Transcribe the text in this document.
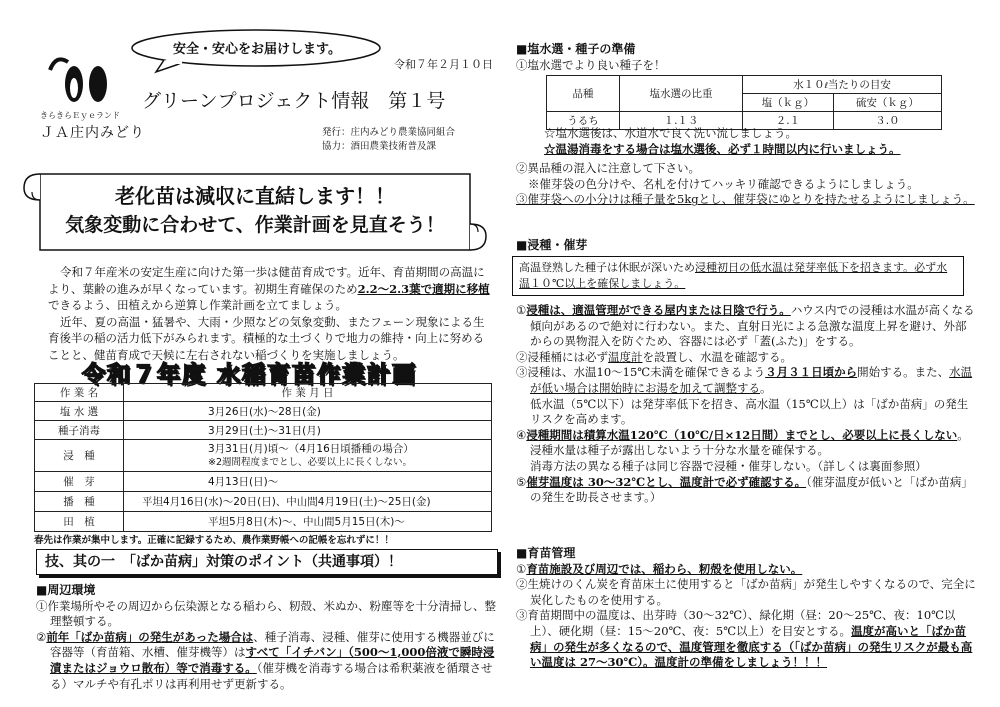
きらきらＥｙｅランド
ＪＡ庄内みどり
安全・安心をお届けします。
令和７年２月１０日
グリーンプロジェクト情報　第１号
発行：庄内みどり農業協同組合
協力：酒田農業技術普及課
老化苗は減収に直結します！！
気象変動に合わせて、作業計画を見直そう！

令和７年産米の安定生産に向けた第一歩は健苗育成です。近年、育苗期間の高温により、葉齢の進みが早くなっています。初期生育確保のため2.2〜2.3葉で適期に移植できるよう、田植えから逆算し作業計画を立てましょう。

近年、夏の高温・猛暑や、大雨・少照などの気象変動、またフェーン現象による生育後半の稲の活力低下がみられます。積極的な土づくりで地力の維持・向上に努めることと、健苗育成で天候に左右されない稲づくりを実施しましょう。

令和７年度 水稲育苗作業計画
作 業 名	作 業 月 日
塩 水 選	3月26日(水)〜28日(金)
種子消毒	3月29日(土)〜31日(月)
浸　種	3月31日(月)頃〜（4月16日頃播種の場合）
※2週間程度までとし、必要以上に長くしない。

催　芽	4月13日(日)〜
播　種	平坦4月16日(水)〜20日(日)、中山間4月19日(土)〜25日(金)
田　植	平坦5月8日(木)〜、中山間5月15日(木)〜
春先は作業が集中します。正確に記録するため、農作業野帳への記帳を忘れずに！！
技、其の一　「ばか苗病」対策のポイント（共通事項）！

■周辺環境

①作業場所やその周辺から伝染源となる稲わら、籾殻、米ぬか、粉塵等を十分清掃し、整理整頓する。

②前年「ばか苗病」の発生があった場合は、種子消毒、浸種、催芽に使用する機器並びに容器等（育苗箱、水槽、催芽機等）はすべて「イチバン」（500〜1,000倍液で瞬時浸漬またはジョウロ散布）等で消毒する。（催芽機を消毒する場合は希釈薬液を循環させる）マルチや有孔ポリは再利用せず更新する。

■塩水選・種子の準備

①塩水選でより良い種子を！

品種	塩水選の比重	水１０ℓ当たりの目安	
		塩（ｋｇ）	硫安（ｋｇ）
うるち	１.１３	２.１	３.０

☆塩水選後は、水道水で良く洗い流しましょう。

☆温湯消毒をする場合は塩水選後、必ず１時間以内に行いましょう。

②異品種の混入に注意して下さい。

※催芽袋の色分けや、名札を付けてハッキリ確認できるようにしましょう。

③催芽袋への小分けは種子量を5kgとし、催芽袋にゆとりを持たせるようにしましょう。

■浸種・催芽
高温登熟した種子は休眠が深いため浸種初日の低水温は発芽率低下を招きます。必ず水温１０℃以上を確保しましょう。

①浸種は、適温管理ができる屋内または日陰で行う。ハウス内での浸種は水温が高くなる傾向があるので絶対に行わない。また、直射日光による急激な温度上昇を避け、外部からの異物混入を防ぐため、容器には必ず「蓋(ふた)」をする。

②浸種桶には必ず温度計を設置し、水温を確認する。

③浸種は、水温10〜15℃未満を確保できるよう３月３１日頃から開始する。また、水温が低い場合は開始時にお湯を加えて調整する。

低水温（5℃以下）は発芽率低下を招き、高水温（15℃以上）は「ばか苗病」の発生リスクを高めます。

④浸種期間は積算水温120℃（10℃/日×12日間）までとし、必要以上に長くしない。浸種水量は種子が露出しないよう十分な水量を確保する。

消毒方法の異なる種子は同じ容器で浸種・催芽しない。（詳しくは裏面参照）

⑤催芽温度は 30〜32℃とし、温度計で必ず確認する。（催芽温度が低いと「ばか苗病」の発生を助長させます。）

■育苗管理

①育苗施設及び周辺では、稲わら、籾殻を使用しない。

②生焼けのくん炭を育苗床土に使用すると「ばか苗病」が発生しやすくなるので、完全に炭化したものを使用する。

③育苗期間中の温度は、出芽時（30〜32℃）、緑化期（昼：20〜25℃、夜：10℃以上）、硬化期（昼：15〜20℃、夜：5℃以上）を目安とする。温度が高いと「ばか苗病」の発生が多くなるので、温度管理を徹底する（「ばか苗病」の発生リスクが最も高い温度は 27〜30℃）。温度計の準備をしましょう！！！
